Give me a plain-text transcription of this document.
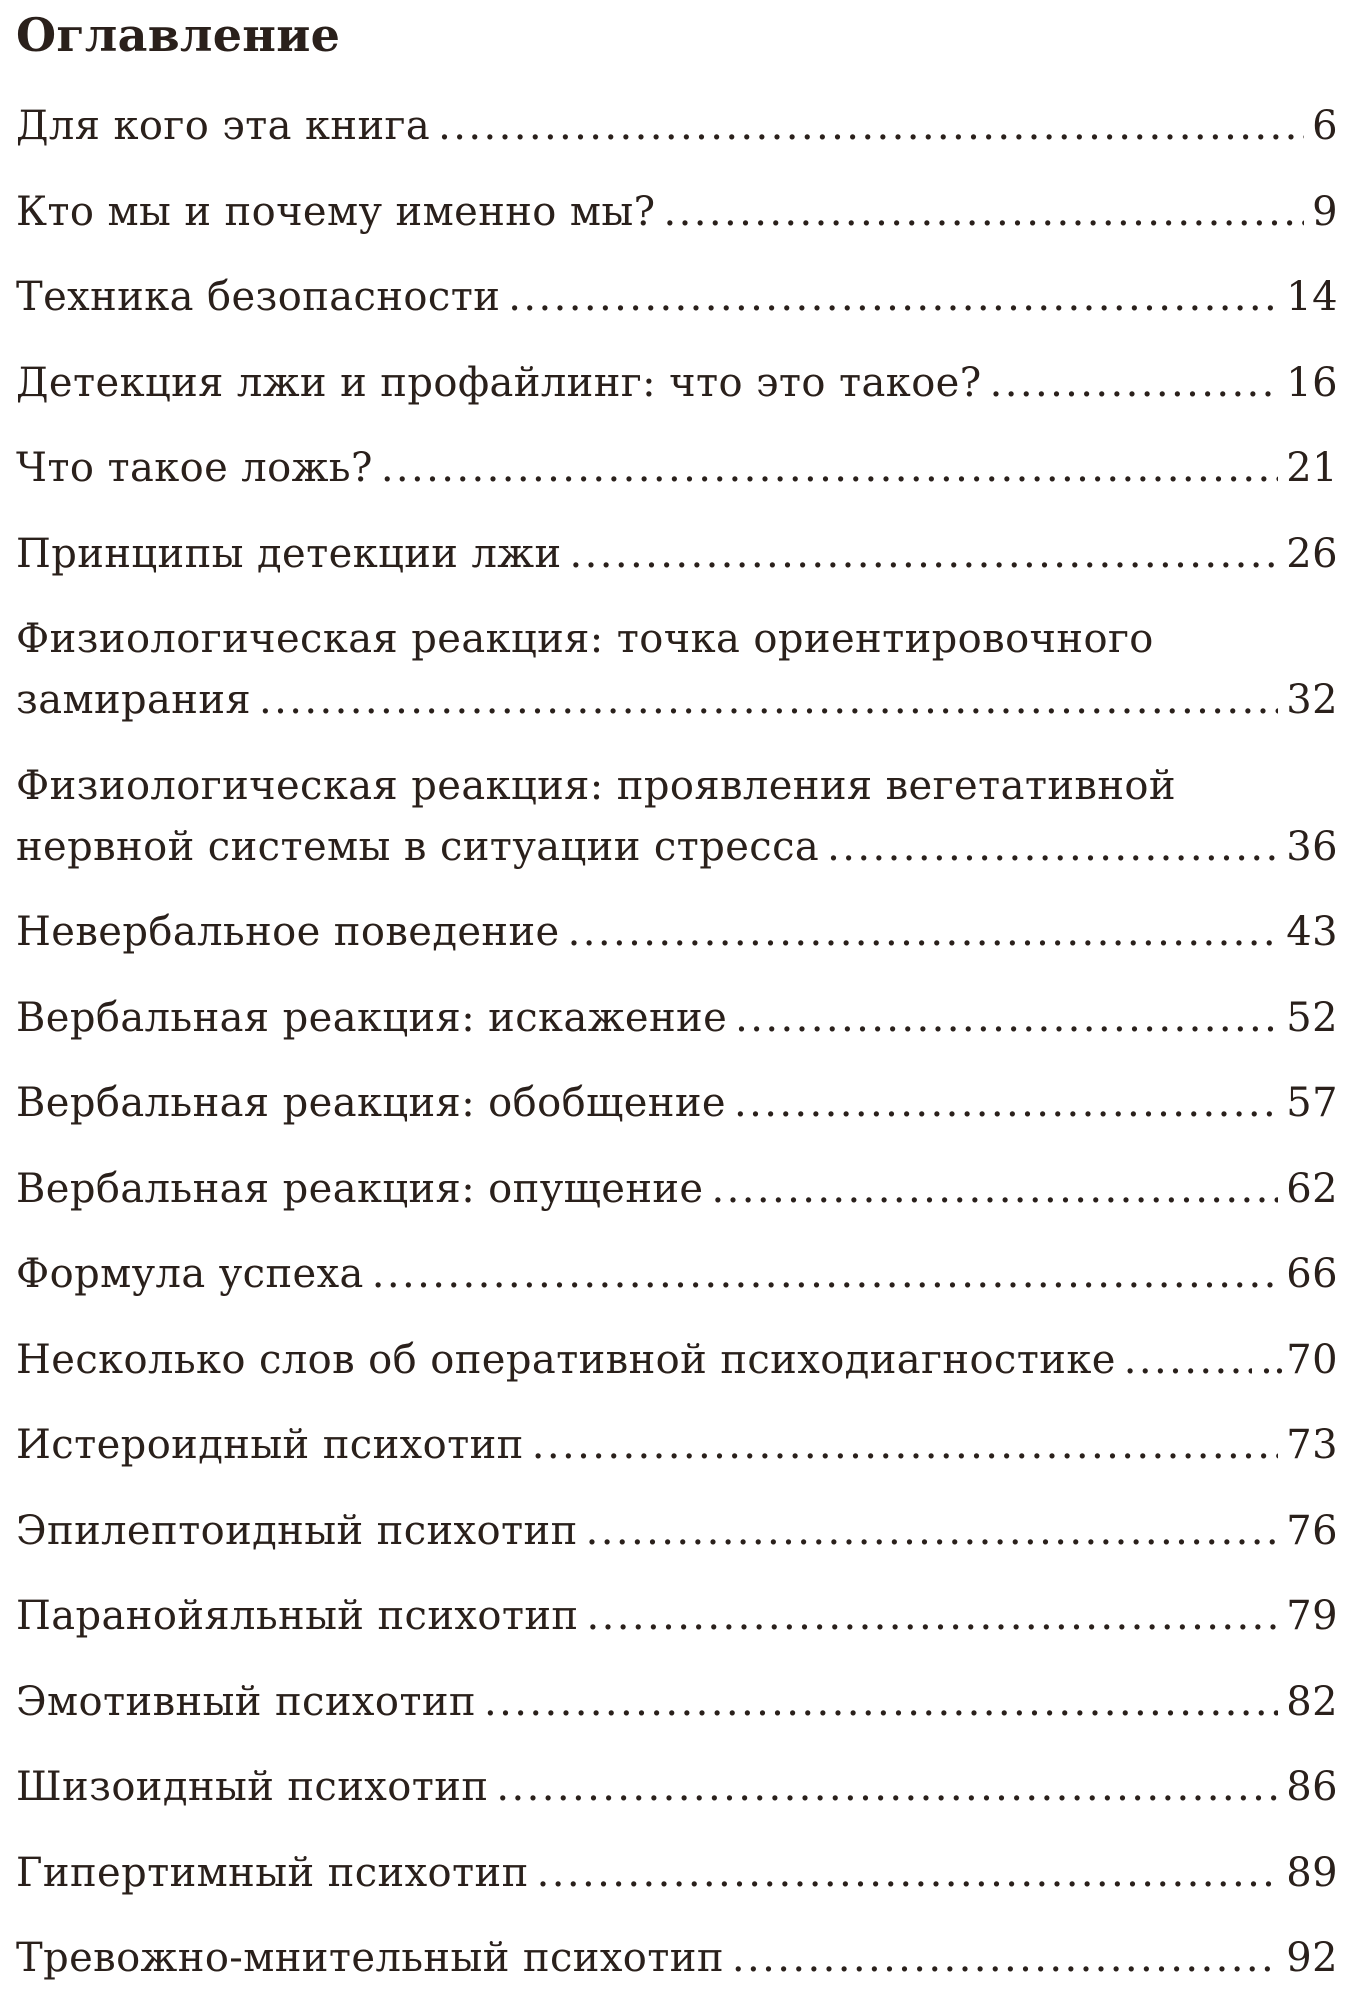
Оглавление
Для кого эта книга .....	6
Кто мы и почему именно мы? .....	9
Техника безопасности .....	14
Детекция лжи и профайлинг: что это такое? .....	16
Что такое ложь? .....	21
Принципы детекции лжи .....	26
Физиологическая реакция: точка ориентировочного
замирания .....	32
Физиологическая реакция: проявления вегетативной
нервной системы в ситуации стресса .....	36
Невербальное поведение .....	43
Вербальная реакция: искажение .....	52
Вербальная реакция: обобщение .....	57
Вербальная реакция: опущение .....	62
Формула успеха .....	66
Несколько слов об оперативной психодиагностике .....	..70
Истероидный психотип .....	73
Эпилептоидный психотип .....	76
Паранойяльный психотип .....	79
Эмотивный психотип .....	82
Шизоидный психотип .....	86
Гипертимный психотип .....	89
Тревожно-мнительный психотип .....	92
